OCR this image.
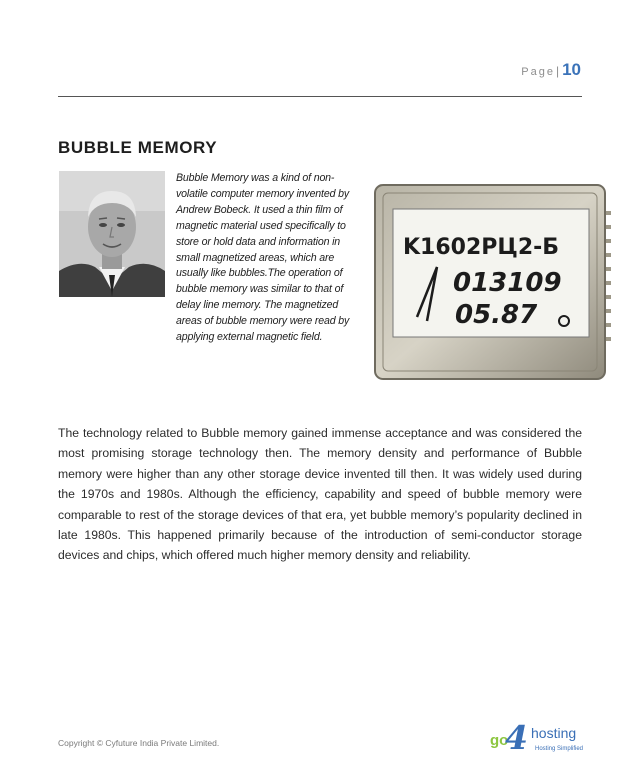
Page | 10
BUBBLE MEMORY

Bubble Memory was a kind of non-volatile computer memory invented by Andrew Bobeck. It used a thin film of magnetic material used specifically to store or hold data and information in small magnetized areas, which are usually like bubbles.The operation of bubble memory was similar to that of delay line memory. The magnetized areas of bubble memory were read by applying external magnetic field.

K1602PЦ2-Б
013109
05.87

The technology related to Bubble memory gained immense acceptance and was considered the most promising storage technology then. The memory density and performance of Bubble memory were higher than any other storage device invented till then. It was widely used during the 1970s and 1980s. Although the efficiency, capability and speed of bubble memory were comparable to rest of the storage devices of that era, yet bubble memory’s popularity declined in late 1980s. This happened primarily because of the introduction of semi-conductor storage devices and chips, which offered much higher memory density and reliability.

Copyright © Cyfuture India Private Limited.	go
4 hosting
Hosting Simplified
